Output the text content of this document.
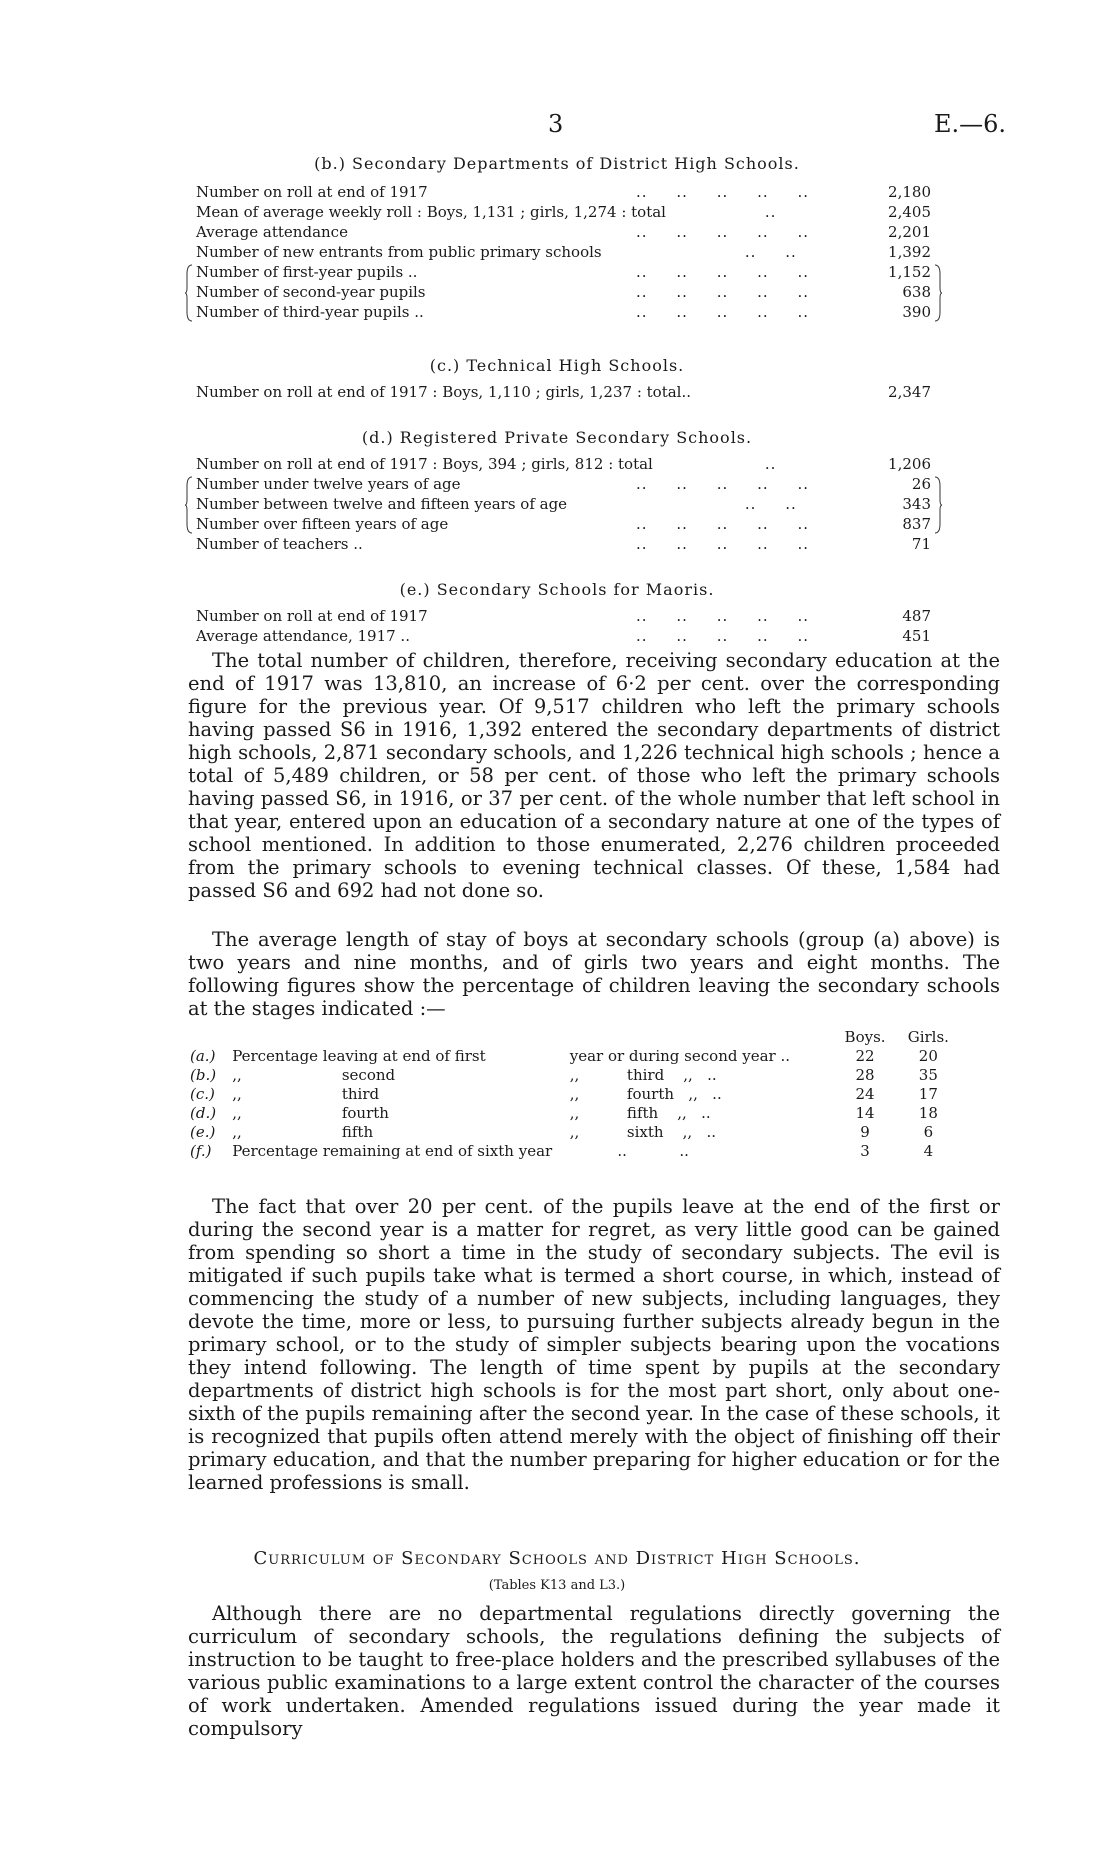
3	E.—6.
(b.) Secondary Departments of District High Schools.
Number on roll at end of 1917	..     ..     ..     ..     ..	2,180
Mean of average weekly roll : Boys, 1,131 ; girls, 1,274 : total	..	2,405
Average attendance	..     ..     ..     ..     ..	2,201
Number of new entrants from public primary schools	..     ..	1,392
Number of first-year pupils ..	..     ..     ..     ..     ..	1,152
Number of second-year pupils	..     ..     ..     ..     ..	638
Number of third-year pupils ..	..     ..     ..     ..     ..	390
(c.) Technical High Schools.
Number on roll at end of 1917 : Boys, 1,110 ; girls, 1,237 : total..	2,347
(d.) Registered Private Secondary Schools.
Number on roll at end of 1917 : Boys, 394 ; girls, 812 : total	..	1,206
Number under twelve years of age	..     ..     ..     ..     ..	26
Number between twelve and fifteen years of age	..     ..	343
Number over fifteen years of age	..     ..     ..     ..     ..	837
Number of teachers ..	..     ..     ..     ..     ..	71
(e.) Secondary Schools for Maoris.
Number on roll at end of 1917	..     ..     ..     ..     ..	487
Average attendance, 1917 ..	..     ..     ..     ..     ..	451

The total number of children, therefore, receiving secondary education at the end of 1917 was 13,810, an increase of 6·2 per cent. over the corresponding figure for the previous year. Of 9,517 children who left the primary schools having passed S6 in 1916, 1,392 entered the secondary departments of district high schools, 2,871 secondary schools, and 1,226 technical high schools ; hence a total of 5,489 children, or 58 per cent. of those who left the primary schools having passed S6, in 1916, or 37 per cent. of the whole number that left school in that year, entered upon an education of a secondary nature at one of the types of school mentioned. In addition to those enumerated, 2,276 children proceeded from the primary schools to evening technical classes. Of these, 1,584 had passed S6 and 692 had not done so.

The average length of stay of boys at secondary schools (group (a) above) is two years and nine months, and of girls two years and eight months. The following figures show the percentage of children leaving the secondary schools at the stages indicated :—

			Boys.	Girls.
(a.)	Percentage leaving at end of first	year or during second year ..	22	20
(b.)	,,                     second	,,          third    ,,   ..	28	35
(c.)	,,                     third	,,          fourth   ,,   ..	24	17
(d.)	,,                     fourth	,,          fifth    ,,   ..	14	18
(e.)	,,                     fifth	,,          sixth    ,,   ..	9	6
(f.)	Percentage remaining at end of sixth year	..           ..	3	4

The fact that over 20 per cent. of the pupils leave at the end of the first or during the second year is a matter for regret, as very little good can be gained from spending so short a time in the study of secondary subjects. The evil is mitigated if such pupils take what is termed a short course, in which, instead of commencing the study of a number of new subjects, including languages, they devote the time, more or less, to pursuing further subjects already begun in the primary school, or to the study of simpler subjects bearing upon the vocations they intend following. The length of time spent by pupils at the secondary departments of district high schools is for the most part short, only about one-sixth of the pupils remaining after the second year. In the case of these schools, it is recognized that pupils often attend merely with the object of finishing off their primary education, and that the number preparing for higher education or for the learned professions is small.

Curriculum of Secondary Schools and District High Schools.
(Tables K13 and L3.)

Although there are no departmental regulations directly governing the curriculum of secondary schools, the regulations defining the subjects of instruction to be taught to free-place holders and the prescribed syllabuses of the various public examinations to a large extent control the character of the courses of work undertaken. Amended regulations issued during the year made it compulsory
